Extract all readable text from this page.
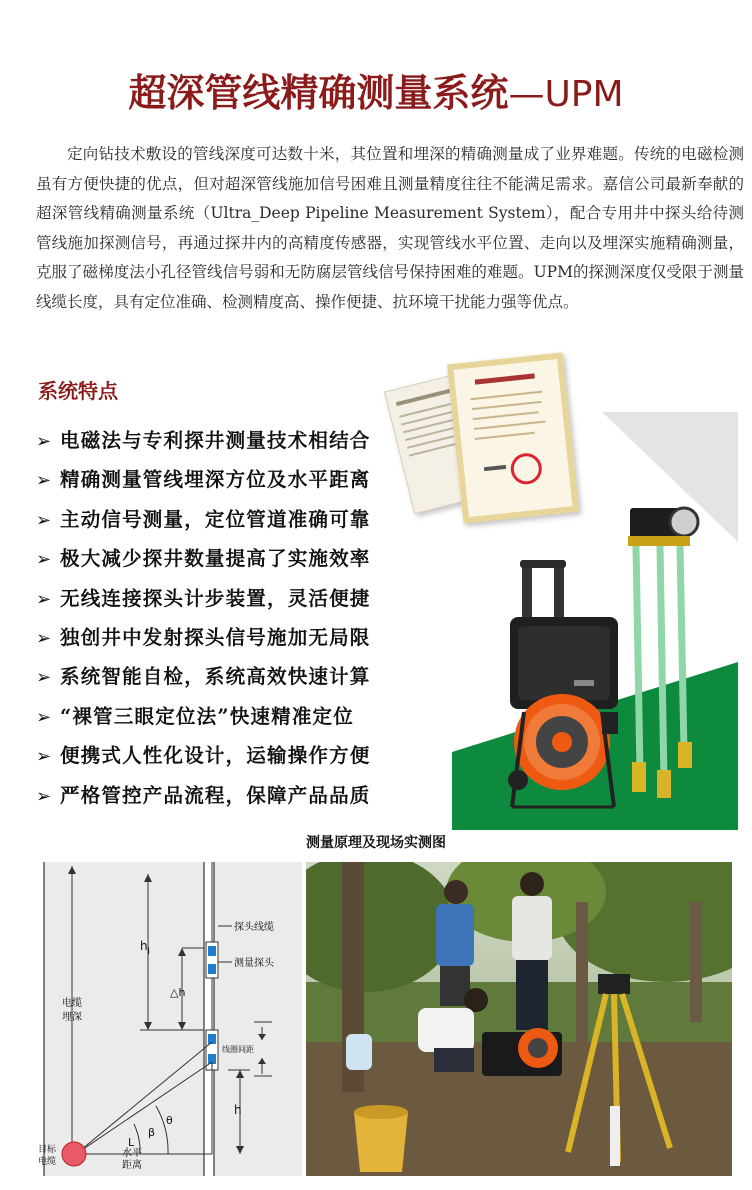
超深管线精确测量系统—UPM

定向钻技术敷设的管线深度可达数十米，其位置和埋深的精确测量成了业界难题。传统的电磁检测虽有方便快捷的优点，但对超深管线施加信号困难且测量精度往往不能满足需求。嘉信公司最新奉献的超深管线精确测量系统（Ultra_Deep Pipeline Measurement System），配合专用井中探头给待测管线施加探测信号，再通过探井内的高精度传感器，实现管线水平位置、走向以及埋深实施精确测量，克服了磁梯度法小孔径管线信号弱和无防腐层管线信号保持困难的难题。UPM的探测深度仅受限于测量线缆长度，具有定位准确、检测精度高、操作便捷、抗环境干扰能力强等优点。

系统特点
➢ 电磁法与专利探井测量技术相结合
➢ 精确测量管线埋深方位及水平距离
➢ 主动信号测量，定位管道准确可靠
➢ 极大减少探井数量提高了实施效率
➢ 无线连接探头计步装置，灵活便捷
➢ 独创井中发射探头信号施加无局限
➢ 系统智能自检，系统高效快速计算
➢ “裸管三眼定位法”快速精准定位
➢ 便携式人性化设计，运输操作方便
➢ 严格管控产品流程，保障产品品质
测量原理及现场实测图
探头线缆
测量探头
线圈间距
$h_j$
△h
电缆
埋深
h
β
θ
L
水平
距离
目标
电缆
